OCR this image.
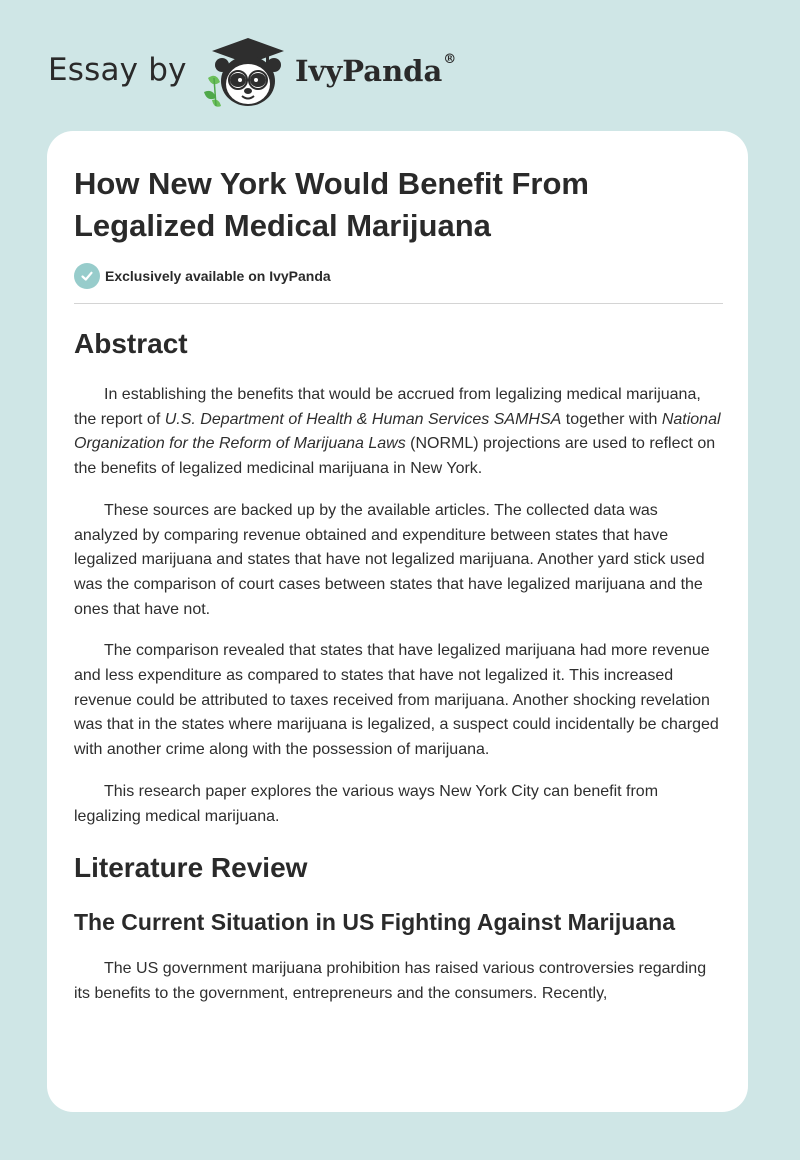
Essay by	IvyPanda®
How New York Would Benefit From Legalized Medical Marijuana
Exclusively available on IvyPanda
Abstract

In establishing the benefits that would be accrued from legalizing medical marijuana, the report of U.S. Department of Health & Human Services SAMHSA together with National Organization for the Reform of Marijuana Laws (NORML) projections are used to reflect on the benefits of legalized medicinal marijuana in New York.

These sources are backed up by the available articles. The collected data was analyzed by comparing revenue obtained and expenditure between states that have legalized marijuana and states that have not legalized marijuana. Another yard stick used was the comparison of court cases between states that have legalized marijuana and the ones that have not.

The comparison revealed that states that have legalized marijuana had more revenue and less expenditure as compared to states that have not legalized it. This increased revenue could be attributed to taxes received from marijuana. Another shocking revelation was that in the states where marijuana is legalized, a suspect could incidentally be charged with another crime along with the possession of marijuana.

This research paper explores the various ways New York City can benefit from legalizing medical marijuana.

Literature Review
The Current Situation in US Fighting Against Marijuana

The US government marijuana prohibition has raised various controversies regarding its benefits to the government, entrepreneurs and the consumers. Recently,
